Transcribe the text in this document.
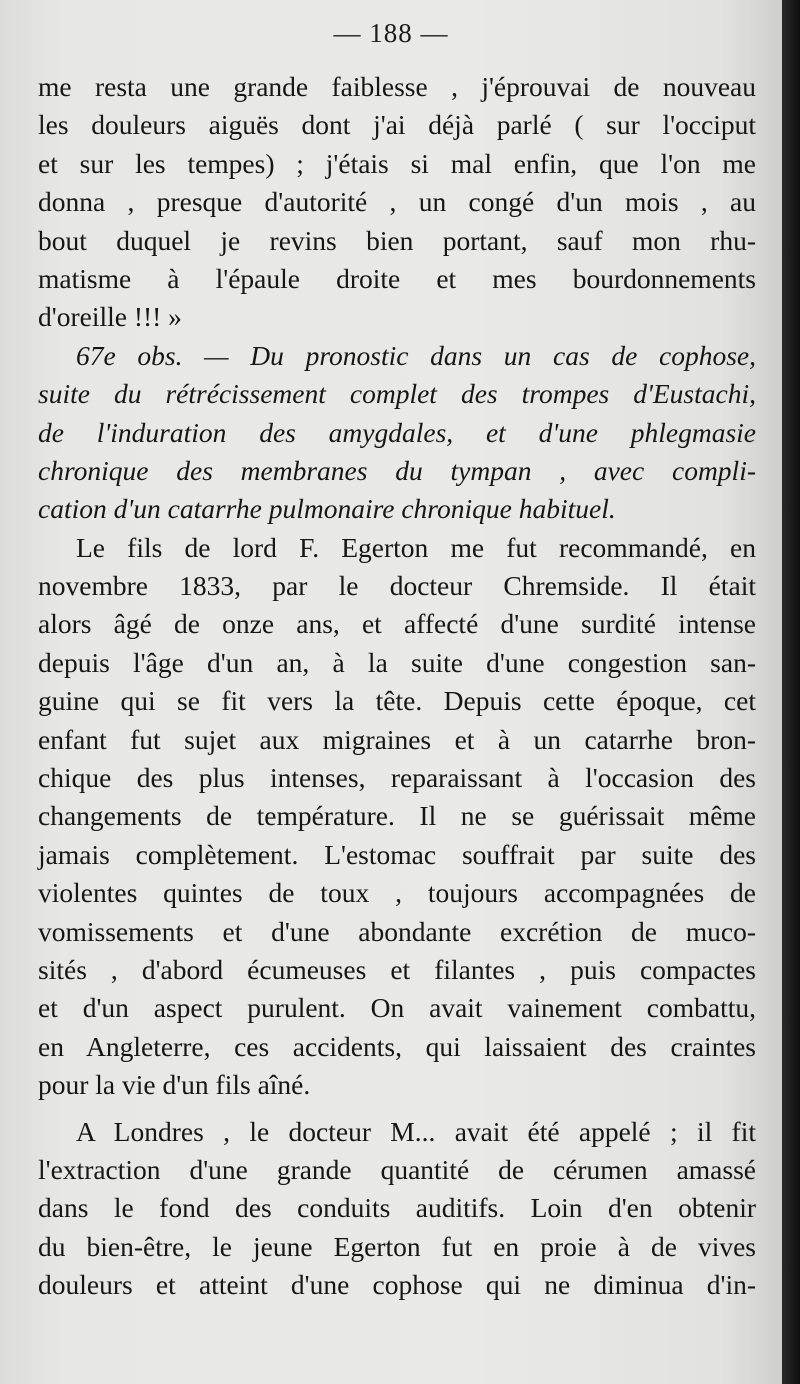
— 188 —
me resta une grande faiblesse , j'éprouvai de nouveau
les douleurs aiguës dont j'ai déjà parlé ( sur l'occiput
et sur les tempes) ; j'étais si mal enfin, que l'on me
donna , presque d'autorité , un congé d'un mois , au
bout duquel je revins bien portant, sauf mon rhu-
matisme à l'épaule droite et mes bourdonnements
d'oreille !!! »
67e obs. — Du pronostic dans un cas de cophose,
suite du rétrécissement complet des trompes d'Eustachi,
de l'induration des amygdales, et d'une phlegmasie
chronique des membranes du tympan , avec compli-
cation d'un catarrhe pulmonaire chronique habituel.
Le fils de lord F. Egerton me fut recommandé, en
novembre 1833, par le docteur Chremside. Il était
alors âgé de onze ans, et affecté d'une surdité intense
depuis l'âge d'un an, à la suite d'une congestion san-
guine qui se fit vers la tête. Depuis cette époque, cet
enfant fut sujet aux migraines et à un catarrhe bron-
chique des plus intenses, reparaissant à l'occasion des
changements de température. Il ne se guérissait même
jamais complètement. L'estomac souffrait par suite des
violentes quintes de toux , toujours accompagnées de
vomissements et d'une abondante excrétion de muco-
sités , d'abord écumeuses et filantes , puis compactes
et d'un aspect purulent. On avait vainement combattu,
en Angleterre, ces accidents, qui laissaient des craintes
pour la vie d'un fils aîné.
A Londres , le docteur M... avait été appelé ; il fit
l'extraction d'une grande quantité de cérumen amassé
dans le fond des conduits auditifs. Loin d'en obtenir
du bien-être, le jeune Egerton fut en proie à de vives
douleurs et atteint d'une cophose qui ne diminua d'in-
